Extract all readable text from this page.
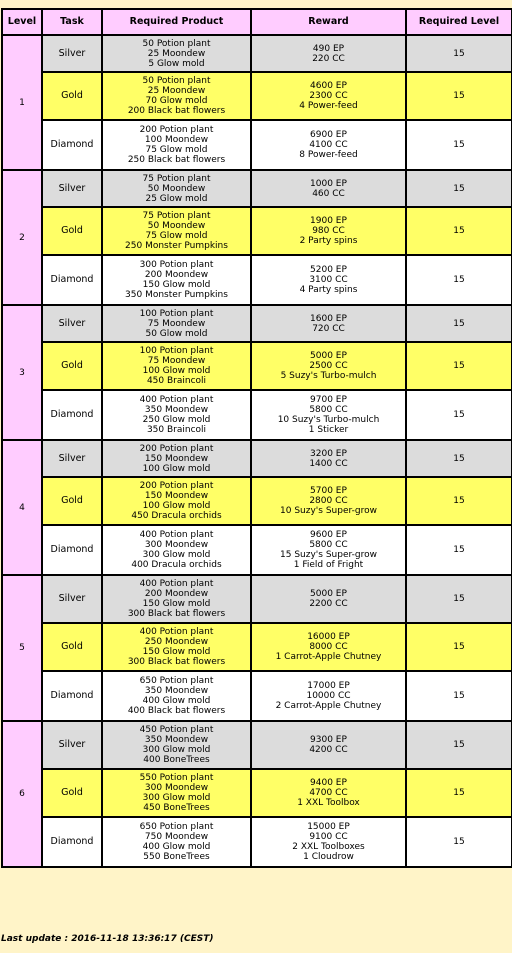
Level	Task	Required Product	Reward	Required Level
1	Silver	50 Potion plant
25 Moondew
5 Glow mold	490 EP
220 CC	15
	Gold	50 Potion plant
25 Moondew
70 Glow mold
200 Black bat flowers	4600 EP
2300 CC
4 Power-feed	15
	Diamond	200 Potion plant
100 Moondew
75 Glow mold
250 Black bat flowers	6900 EP
4100 CC
8 Power-feed	15
2	Silver	75 Potion plant
50 Moondew
25 Glow mold	1000 EP
460 CC	15
	Gold	75 Potion plant
50 Moondew
75 Glow mold
250 Monster Pumpkins	1900 EP
980 CC
2 Party spins	15
	Diamond	300 Potion plant
200 Moondew
150 Glow mold
350 Monster Pumpkins	5200 EP
3100 CC
4 Party spins	15
3	Silver	100 Potion plant
75 Moondew
50 Glow mold	1600 EP
720 CC	15
	Gold	100 Potion plant
75 Moondew
100 Glow mold
450 Braincoli	5000 EP
2500 CC
5 Suzy's Turbo-mulch	15
	Diamond	400 Potion plant
350 Moondew
250 Glow mold
350 Braincoli	9700 EP
5800 CC
10 Suzy's Turbo-mulch
1 Sticker	15
4	Silver	200 Potion plant
150 Moondew
100 Glow mold	3200 EP
1400 CC	15
	Gold	200 Potion plant
150 Moondew
100 Glow mold
450 Dracula orchids	5700 EP
2800 CC
10 Suzy's Super-grow	15
	Diamond	400 Potion plant
300 Moondew
300 Glow mold
400 Dracula orchids	9600 EP
5800 CC
15 Suzy's Super-grow
1 Field of Fright	15
5	Silver	400 Potion plant
200 Moondew
150 Glow mold
300 Black bat flowers	5000 EP
2200 CC	15
	Gold	400 Potion plant
250 Moondew
150 Glow mold
300 Black bat flowers	16000 EP
8000 CC
1 Carrot-Apple Chutney	15
	Diamond	650 Potion plant
350 Moondew
400 Glow mold
400 Black bat flowers	17000 EP
10000 CC
2 Carrot-Apple Chutney	15
6	Silver	450 Potion plant
350 Moondew
300 Glow mold
400 BoneTrees	9300 EP
4200 CC	15
	Gold	550 Potion plant
300 Moondew
300 Glow mold
450 BoneTrees	9400 EP
4700 CC
1 XXL Toolbox	15
	Diamond	650 Potion plant
750 Moondew
400 Glow mold
550 BoneTrees	15000 EP
9100 CC
2 XXL Toolboxes
1 Cloudrow	15
Last update : 2016-11-18 13:36:17 (CEST)
